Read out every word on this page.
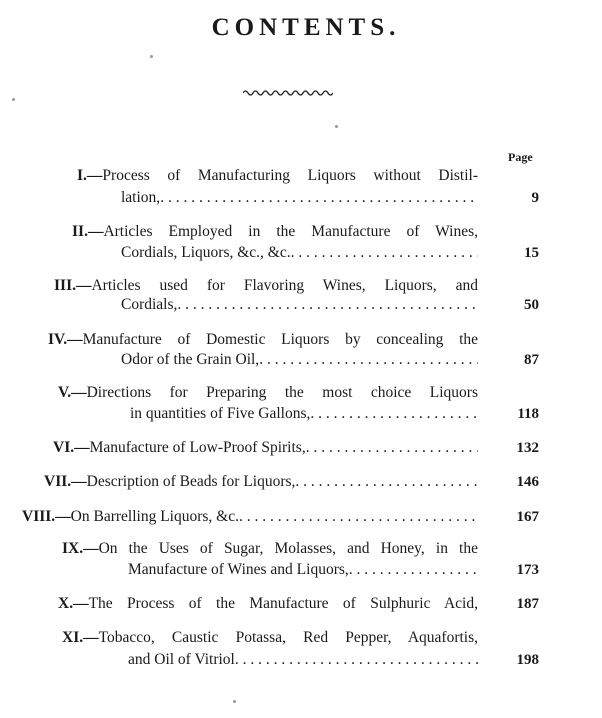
CONTENTS.
Page
I.—Process of Manufacturing Liquors without Distil-
lation, . . .	9
II.—Articles Employed in the Manufacture of Wines,
Cordials, Liquors, &c., &c. . . .	15
III.—Articles used for Flavoring Wines, Liquors, and
Cordials, . . .	50
IV.—Manufacture of Domestic Liquors by concealing the
Odor of the Grain Oil, . . .	87
V.—Directions for Preparing the most choice Liquors
in quantities of Five Gallons, . . .	118
VI.—Manufacture of Low-Proof Spirits, . . .	132
VII.—Description of Beads for Liquors, . . .	146
VIII.—On Barrelling Liquors, &c. . . .	167
IX.—On the Uses of Sugar, Molasses, and Honey, in the
Manufacture of Wines and Liquors, . . .	173
X.—The Process of the Manufacture of Sulphuric Acid,	187
XI.—Tobacco, Caustic Potassa, Red Pepper, Aquafortis,
and Oil of Vitriol . . .	198
